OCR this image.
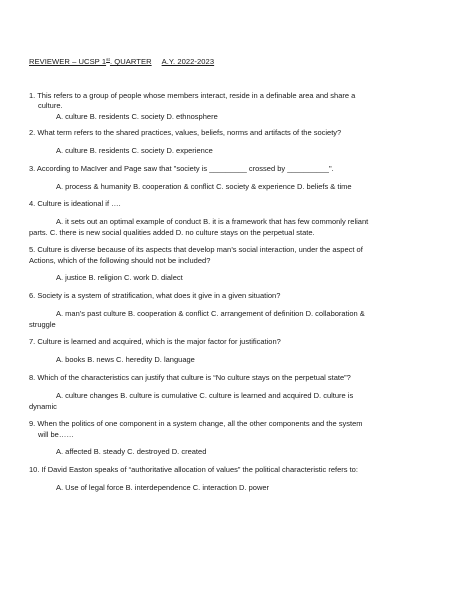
REVIEWER – UCSP 1st. QUARTER A.Y. 2022-2023
1. This refers to a group of people whose members interact, reside in a definable area and share a
culture.
A. culture B. residents C. society D. ethnosphere
2. What term refers to the shared practices, values, beliefs, norms and artifacts of the society?
A. culture B. residents C. society D. experience
3. According to MacIver and Page saw that "society is _________ crossed by __________".
A. process & humanity B. cooperation & conflict C. society & experience D. beliefs & time
4. Culture is ideational if ….
A. it sets out an optimal example of conduct B. it is a framework that has few commonly reliant
parts. C. there is new social qualities added D. no culture stays on the perpetual state.
5. Culture is diverse because of its aspects that develop man’s social interaction, under the aspect of
Actions, which of the following should not be included?
A. justice B. religion C. work D. dialect
6. Society is a system of stratification, what does it give in a given situation?
A. man’s past culture B. cooperation & conflict C. arrangement of definition D. collaboration &
struggle
7. Culture is learned and acquired, which is the major factor for justification?
A. books B. news C. heredity D. language
8. Which of the characteristics can justify that culture is “No culture stays on the perpetual state”?
A. culture changes B. culture is cumulative C. culture is learned and acquired D. culture is
dynamic
9. When the politics of one component in a system change, all the other components and the system
will be……
A. affected B. steady C. destroyed D. created
10. If David Easton speaks of “authoritative allocation of values” the political characteristic refers to:
A. Use of legal force B. interdependence C. interaction D. power
